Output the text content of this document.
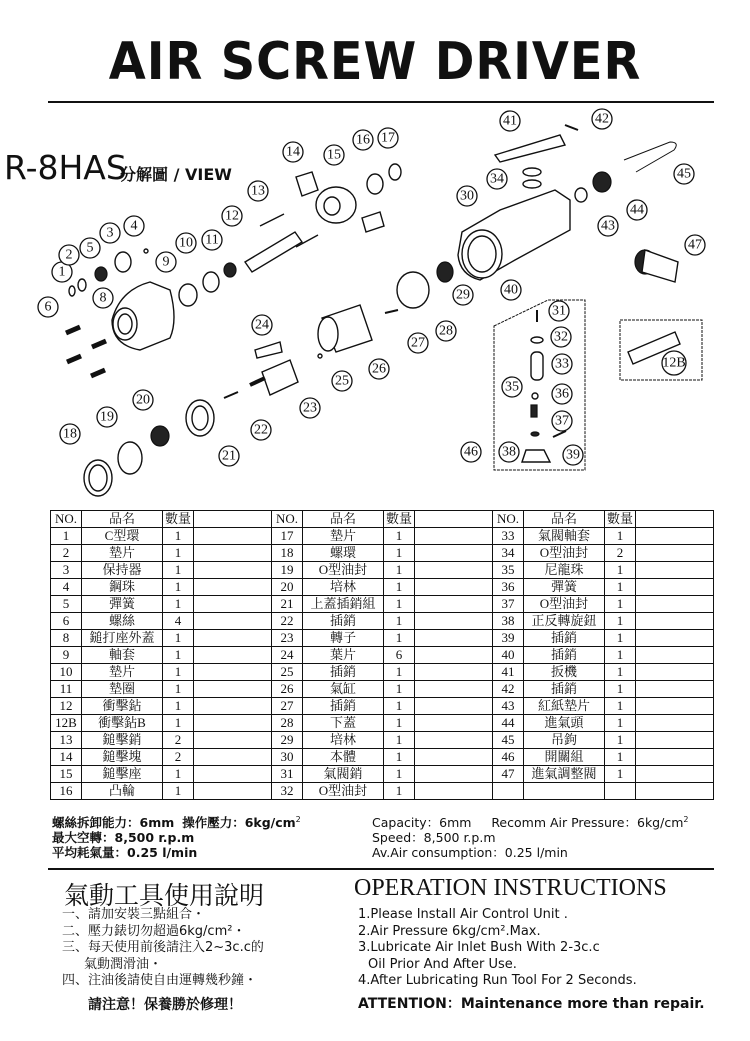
AIR SCREW DRIVER
R-8HAS
分解圖 / VIEW
1
2 5
3 4
6
8
9
10 11
12
13
14 15
16 17
41	42
34	45
30
44
43
47
29 40
28
27
24
26
25
23
22
21
20
19
18
31
32
33
35	36
37
46 38	39
12B
NO.	品名	數量		NO.	品名	數量		NO.	品名	數量	
1	C型環	1		17	墊片	1		33	氣閥軸套	1	
2	墊片	1		18	螺環	1		34	O型油封	2	
3	保持器	1		19	O型油封	1		35	尼龍珠	1	
4	鋼珠	1		20	培林	1		36	彈簧	1	
5	彈簧	1		21	上蓋插銷組	1		37	O型油封	1	
6	螺絲	4		22	插銷	1		38	正反轉旋鈕	1	
8	鎚打座外蓋	1		23	轉子	1		39	插銷	1	
9	軸套	1		24	葉片	6		40	插銷	1	
10	墊片	1		25	插銷	1		41	扳機	1	
11	墊圈	1		26	氣缸	1		42	插銷	1	
12	衝擊鉆	1		27	插銷	1		43	紅紙墊片	1	
12B	衝擊鉆B	1		28	下蓋	1		44	進氣頭	1	
13	鎚擊銷	2		29	培林	1		45	吊鉤	1	
14	鎚擊塊	2		30	本體	1		46	開關組	1	
15	鎚擊座	1		31	氣閥銷	1		47	進氣調整閥	1	
16	凸輪	1		32	O型油封	1					
螺絲拆卸能力：6mm 操作壓力：$6kg/cm^2$
最大空轉：8,500 r.p.m
平均耗氣量：0.25 l/min
Capacity：6mm Recomm Air Pressure：$6kg/cm^2$
Speed：8,500 r.p.m
Av.Air consumption：0.25 l/min
氣動工具使用說明	OPERATION INSTRUCTIONS
一、請加安裝三點組合・
二、壓力錶切勿超過6kg/cm²・
三、每天使用前後請注入2~3c.c的
氣動潤滑油・
四、注油後請使自由運轉幾秒鐘・
1.Please Install Air Control Unit .
2.Air Pressure 6kg/cm².Max.
3.Lubricate Air Inlet Bush With 2-3c.c
Oil Prior And After Use.
4.After Lubricating Run Tool For 2 Seconds.
請注意！保養勝於修理！	ATTENTION：Maintenance more than repair.
